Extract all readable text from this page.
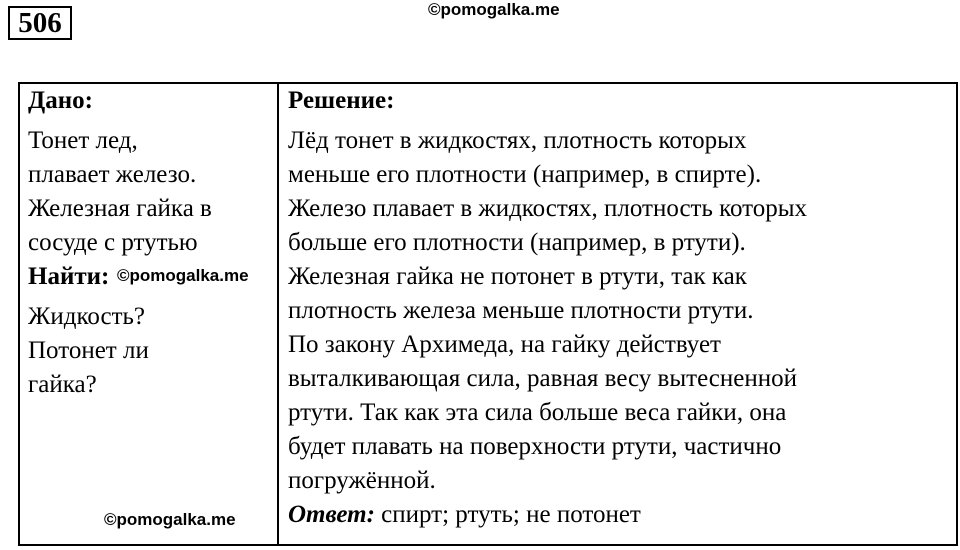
506	©pomogalka.me

Дано:

Тонет лед,

плавает железо.

Железная гайка в

сосуде с ртутью

Найти:

Жидкость?

Потонет ли

гайка?

©pomogalka.me

Решение:

Лёд тонет в жидкостях, плотность которых

меньше его плотности (например, в спирте).

Железо плавает в жидкостях, плотность которых

больше его плотности (например, в ртути).

Железная гайка не потонет в ртути, так как

плотность железа меньше плотности ртути.

По закону Архимеда, на гайку действует

выталкивающая сила, равная весу вытесненной

ртути. Так как эта сила больше веса гайки, она

будет плавать на поверхности ртути, частично

погружённой.

Ответ: спирт; ртуть; не потонет

©pomogalka.me
